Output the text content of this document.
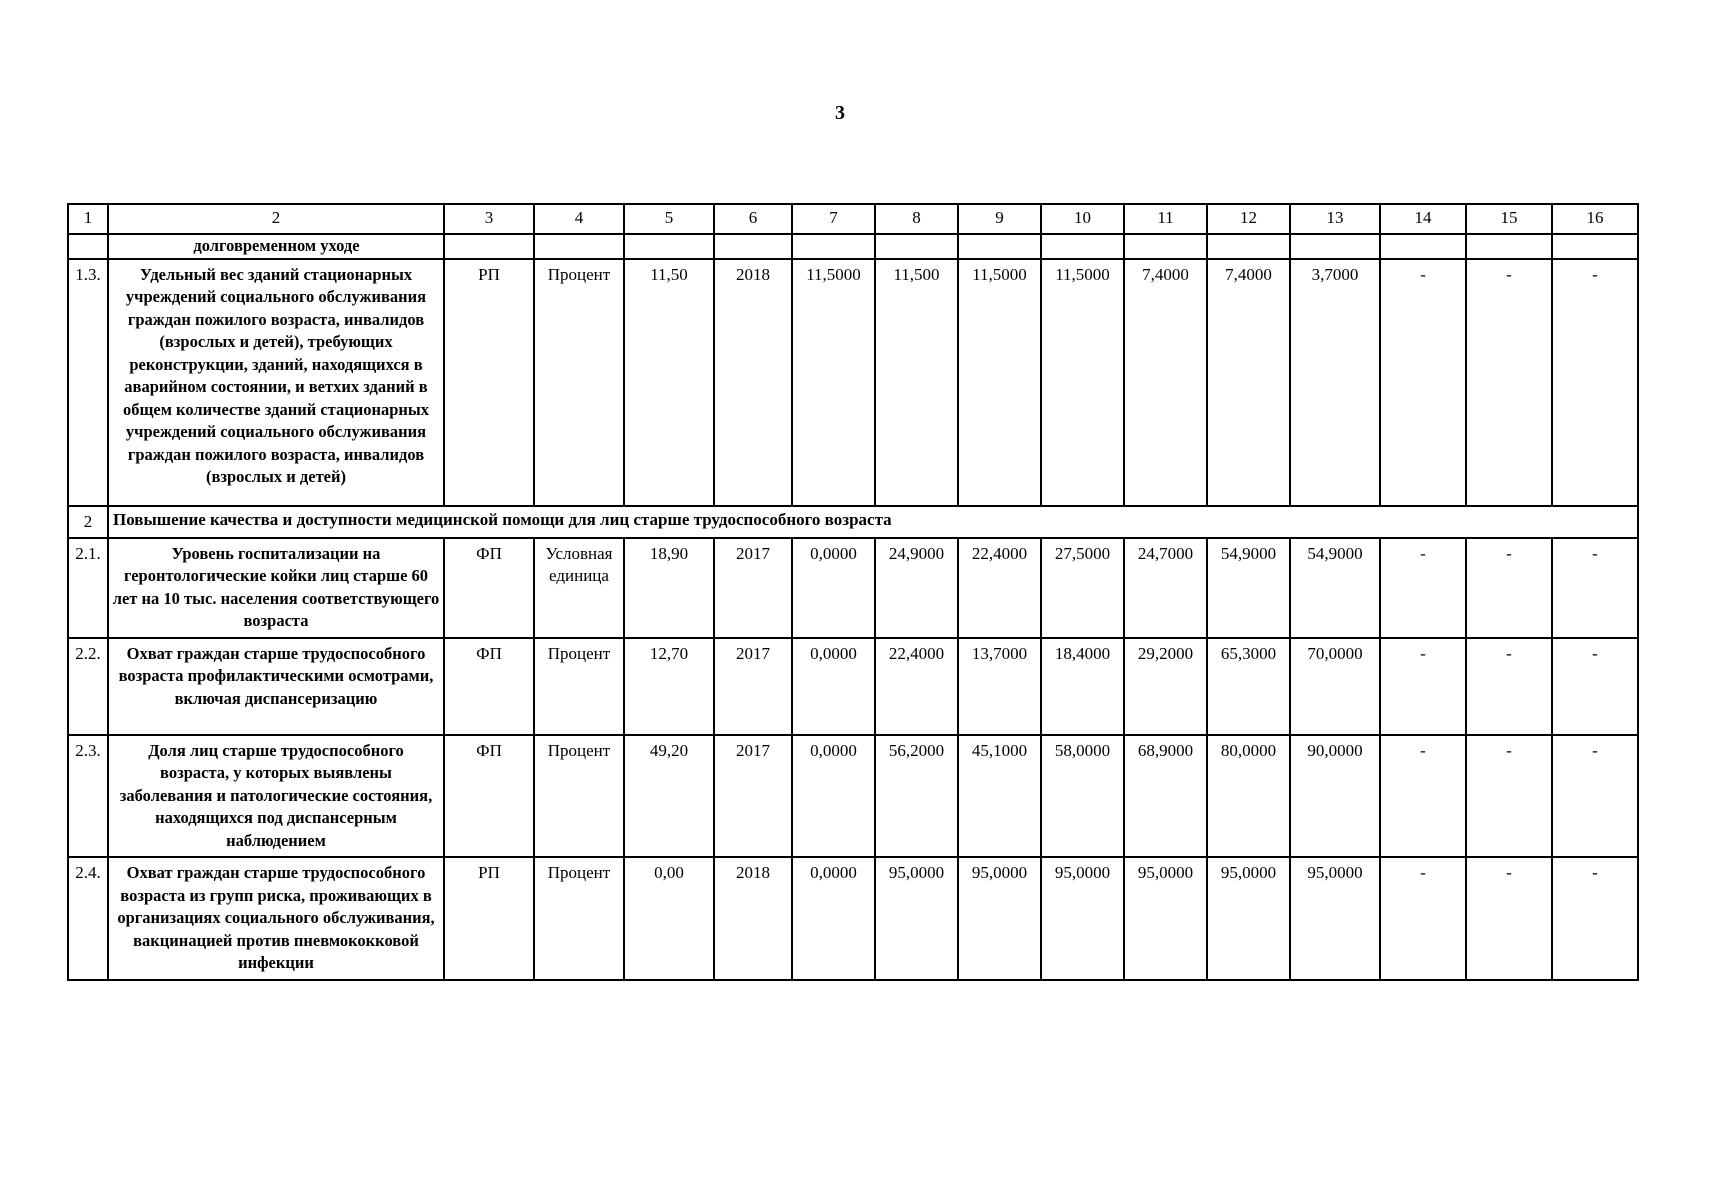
3
1	2	3	4	5	6	7	8	9	10	11	12	13	14	15	16
	долговременном уходе														
1.3.	Удельный вес зданий стационарных учреждений социального обслуживания граждан пожилого возраста, инвалидов (взрослых и детей), требующих реконструкции, зданий, находящихся в аварийном состоянии, и ветхих зданий в общем количестве зданий стационарных учреждений социального обслуживания граждан пожилого возраста, инвалидов (взрослых и детей)	РП	Процент	11,50	2018	11,5000	11,500	11,5000	11,5000	7,4000	7,4000	3,7000	-	-	-
2	Повышение качества и доступности медицинской помощи для лиц старше трудоспособного возраста														
2.1.	Уровень госпитализации на геронтологические койки лиц старше 60 лет на 10 тыс. населения соответствующего возраста	ФП	Условная единица	18,90	2017	0,0000	24,9000	22,4000	27,5000	24,7000	54,9000	54,9000	-	-	-
2.2.	Охват граждан старше трудоспособного возраста профилактическими осмотрами, включая диспансеризацию	ФП	Процент	12,70	2017	0,0000	22,4000	13,7000	18,4000	29,2000	65,3000	70,0000	-	-	-
2.3.	Доля лиц старше трудоспособного возраста, у которых выявлены заболевания и патологические состояния, находящихся под диспансерным наблюдением	ФП	Процент	49,20	2017	0,0000	56,2000	45,1000	58,0000	68,9000	80,0000	90,0000	-	-	-
2.4.	Охват граждан старше трудоспособного возраста из групп риска, проживающих в организациях социального обслуживания, вакцинацией против пневмококковой инфекции	РП	Процент	0,00	2018	0,0000	95,0000	95,0000	95,0000	95,0000	95,0000	95,0000	-	-	-
